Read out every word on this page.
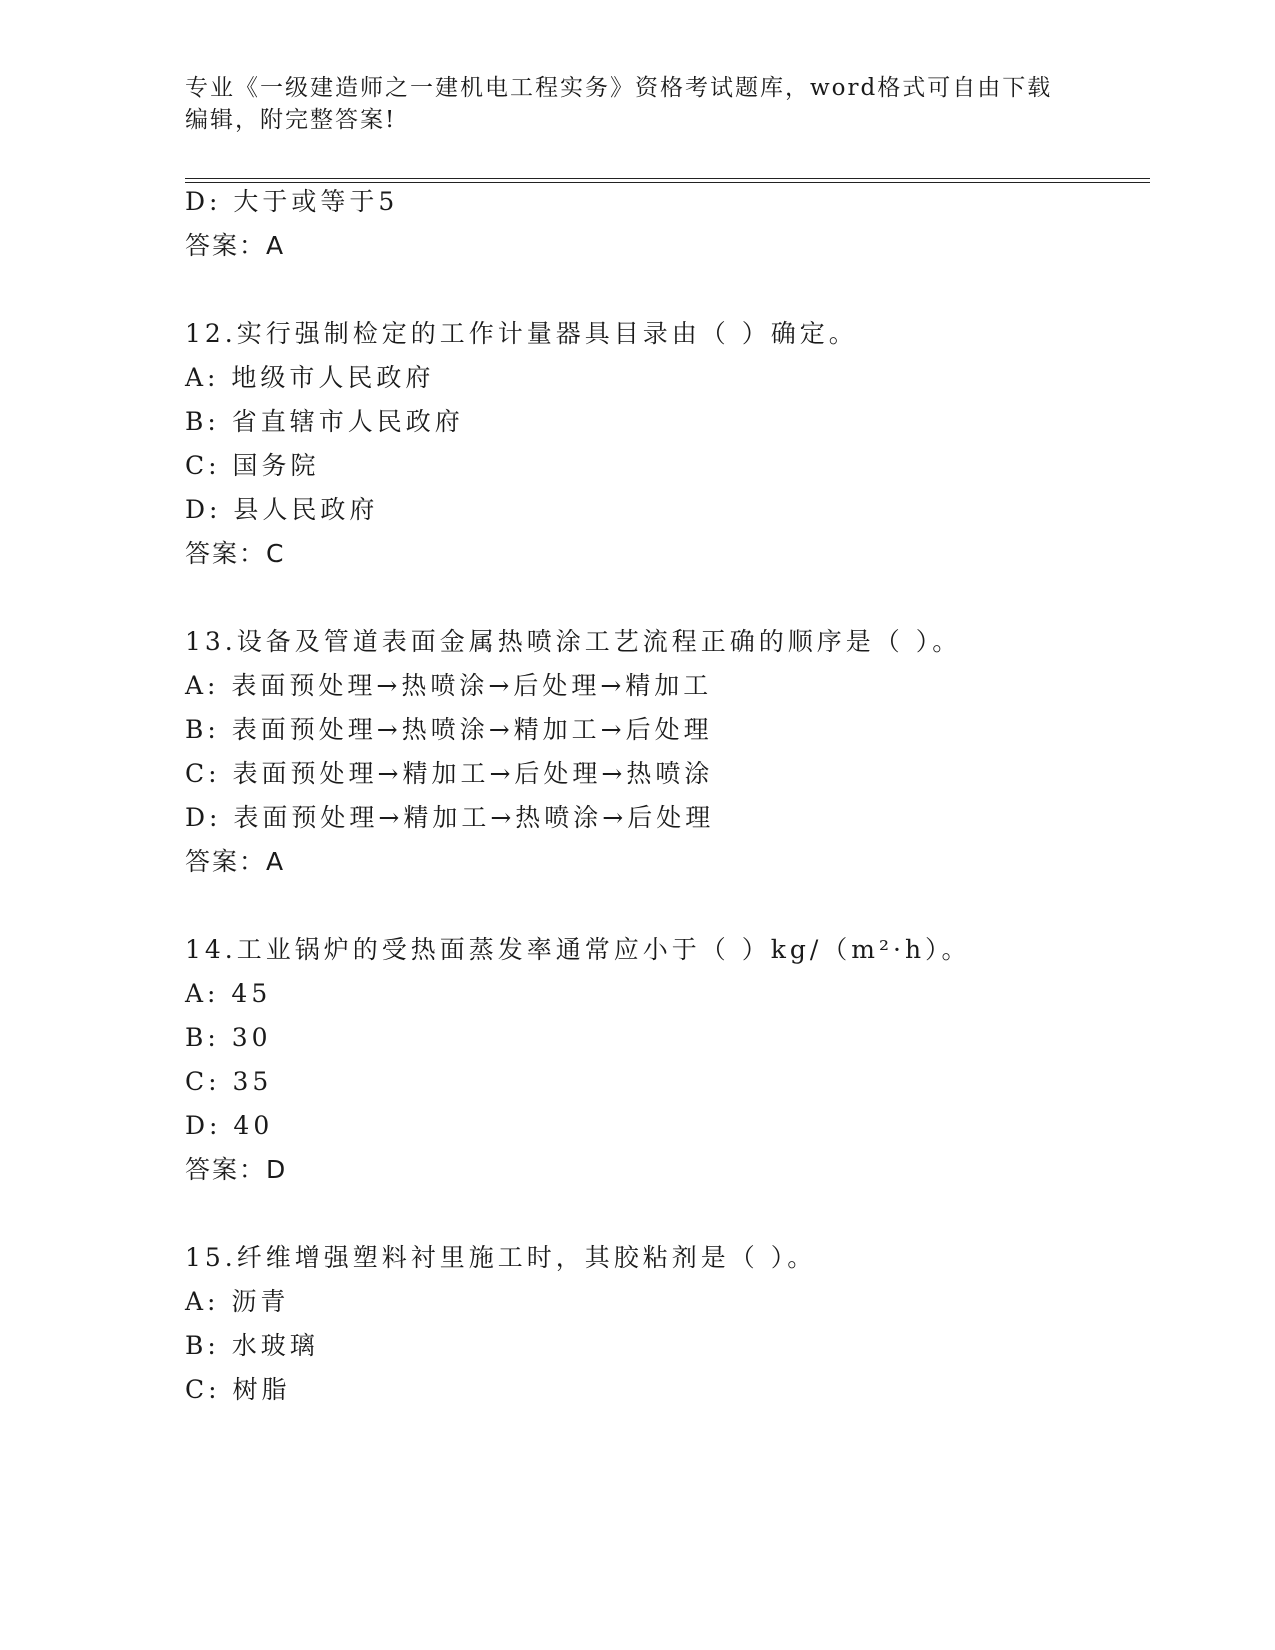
专业《一级建造师之一建机电工程实务》资格考试题库，word格式可自由下载编辑，附完整答案!
D: 大于或等于5
答案：A
12.实行强制检定的工作计量器具目录由（ ）确定。
A: 地级市人民政府
B: 省直辖市人民政府
C: 国务院
D: 县人民政府
答案：C
13.设备及管道表面金属热喷涂工艺流程正确的顺序是（ ）。
A: 表面预处理→热喷涂→后处理→精加工
B: 表面预处理→热喷涂→精加工→后处理
C: 表面预处理→精加工→后处理→热喷涂
D: 表面预处理→精加工→热喷涂→后处理
答案：A
14.工业锅炉的受热面蒸发率通常应小于（ ）kg/（m²·h）。
A: 45
B: 30
C: 35
D: 40
答案：D
15.纤维增强塑料衬里施工时，其胶粘剂是（ ）。
A: 沥青
B: 水玻璃
C: 树脂
